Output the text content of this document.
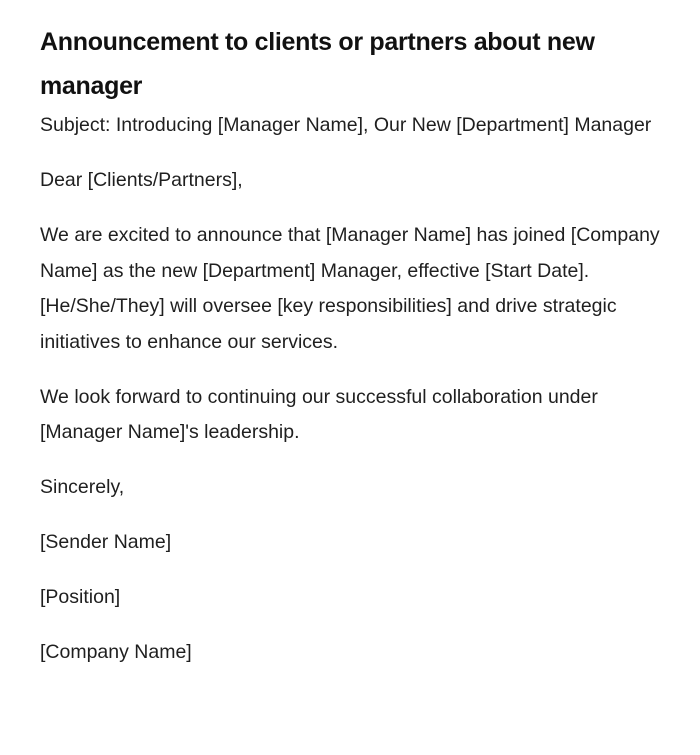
Announcement to clients or partners about new manager

Subject: Introducing [Manager Name], Our New [Department] Manager

Dear [Clients/Partners],

We are excited to announce that [Manager Name] has joined [Company Name] as the new [Department] Manager, effective [Start Date]. [He/She/They] will oversee [key responsibilities] and drive strategic initiatives to enhance our services.

We look forward to continuing our successful collaboration under [Manager Name]'s leadership.

Sincerely,

[Sender Name]

[Position]

[Company Name]
